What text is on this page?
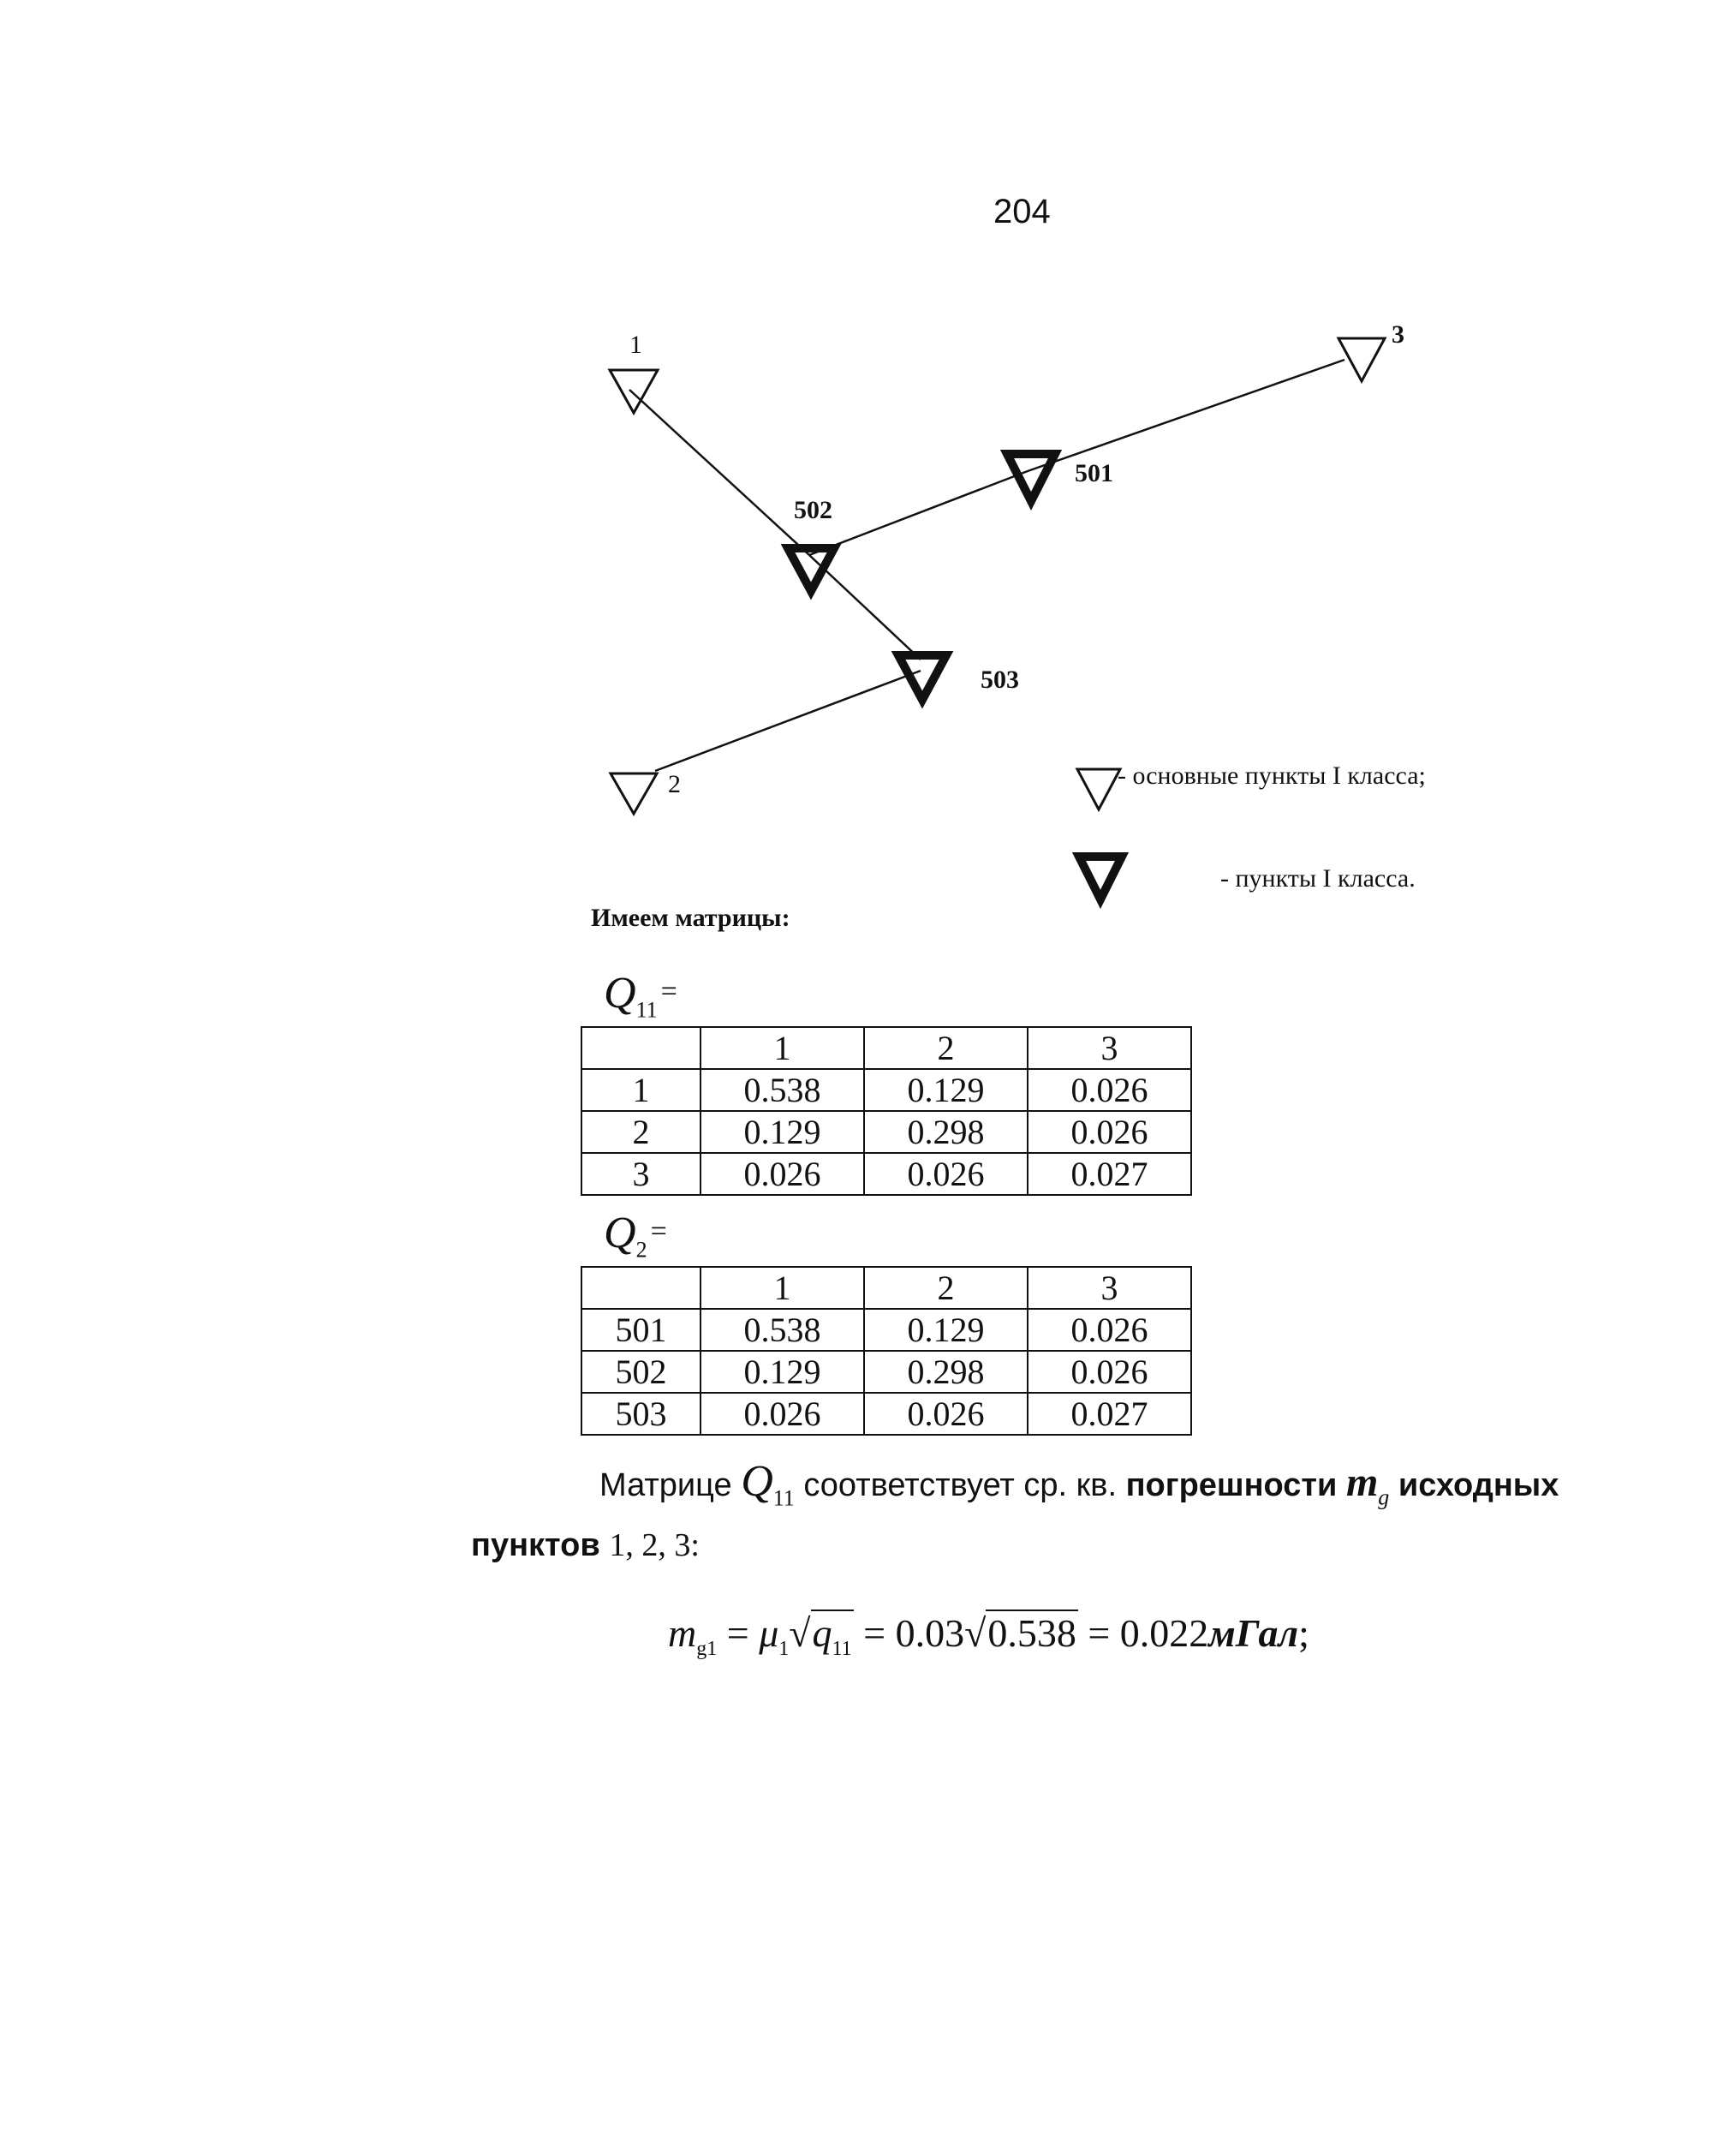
204
1	3
2
501
502
503
- основные пункты I класса;
- пункты I класса.
Имеем матрицы:
$Q_{11}=$
	1	2	3
1	0.538	0.129	0.026
2	0.129	0.298	0.026
3	0.026	0.026	0.027
$Q_2=$
	1	2	3
501	0.538	0.129	0.026
502	0.129	0.298	0.026
503	0.026	0.026	0.027
Матрице $Q_{11}$ соответствует ср. кв. погрешности $m_g$ исходных
пунктов 1, 2, 3:
$m_{g1} = \mu_1√q_{11} = 0.03√0.538$ = 0.022мГал;
